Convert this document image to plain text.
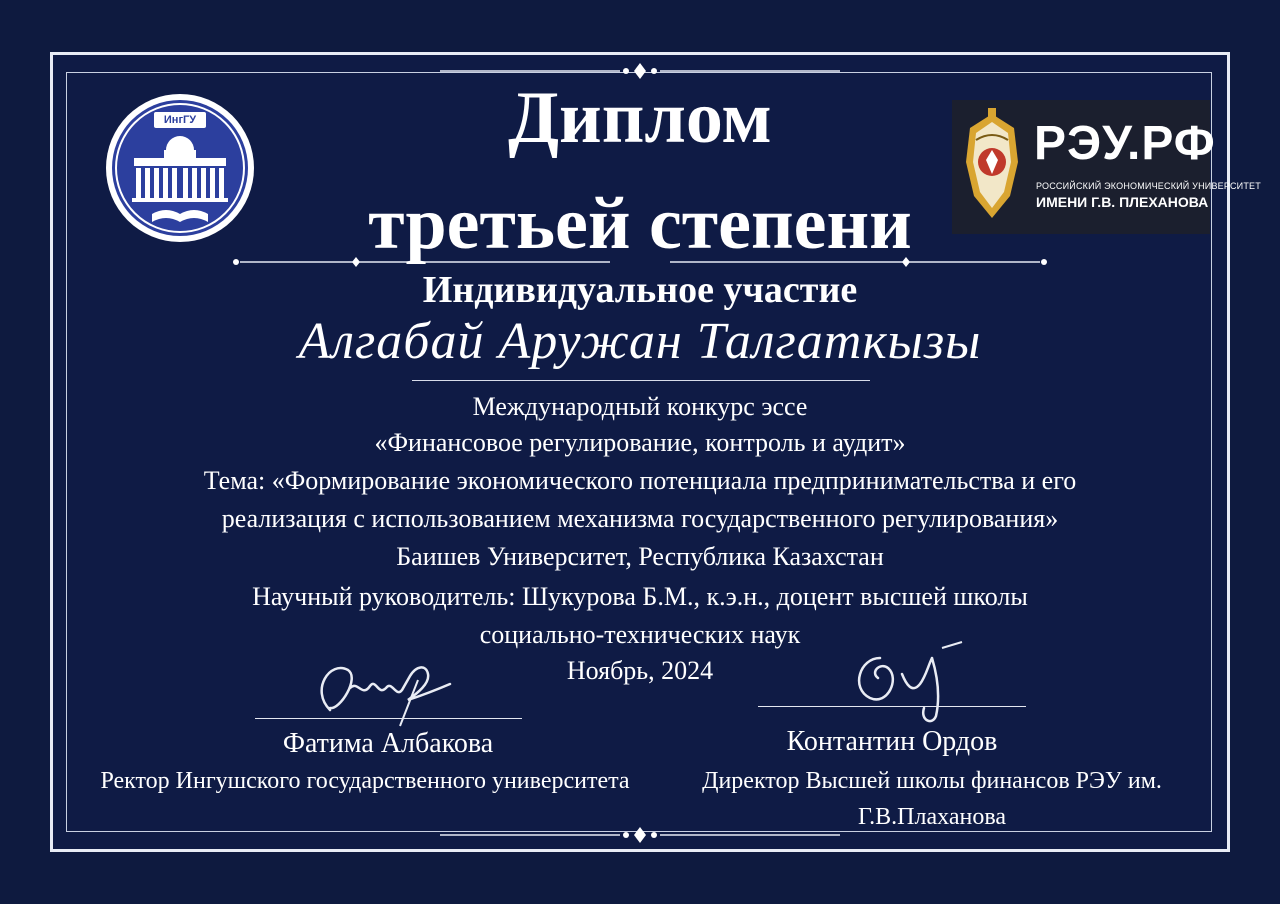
ИнгГУ	РЭУ.РФ
РОССИЙСКИЙ ЭКОНОМИЧЕСКИЙ УНИВЕРСИТЕТ
ИМЕНИ Г.В. ПЛЕХАНОВА
Диплом
третьей степени
Индивидуальное участие
Алгабай Аружан Талгаткызы
Международный конкурс эссе
«Финансовое регулирование, контроль и аудит»
Тема: «Формирование экономического потенциала предпринимательства и его
реализация с использованием механизма государственного регулирования»
Баишев Университет, Республика Казахстан
Научный руководитель: Шукурова Б.М., к.э.н., доцент высшей школы
социально-технических наук
Ноябрь, 2024
Фатима Албакова
Ректор Ингушского государственного университета
Контантин Ордов
Директор Высшей школы финансов РЭУ им.
Г.В.Плаханова
